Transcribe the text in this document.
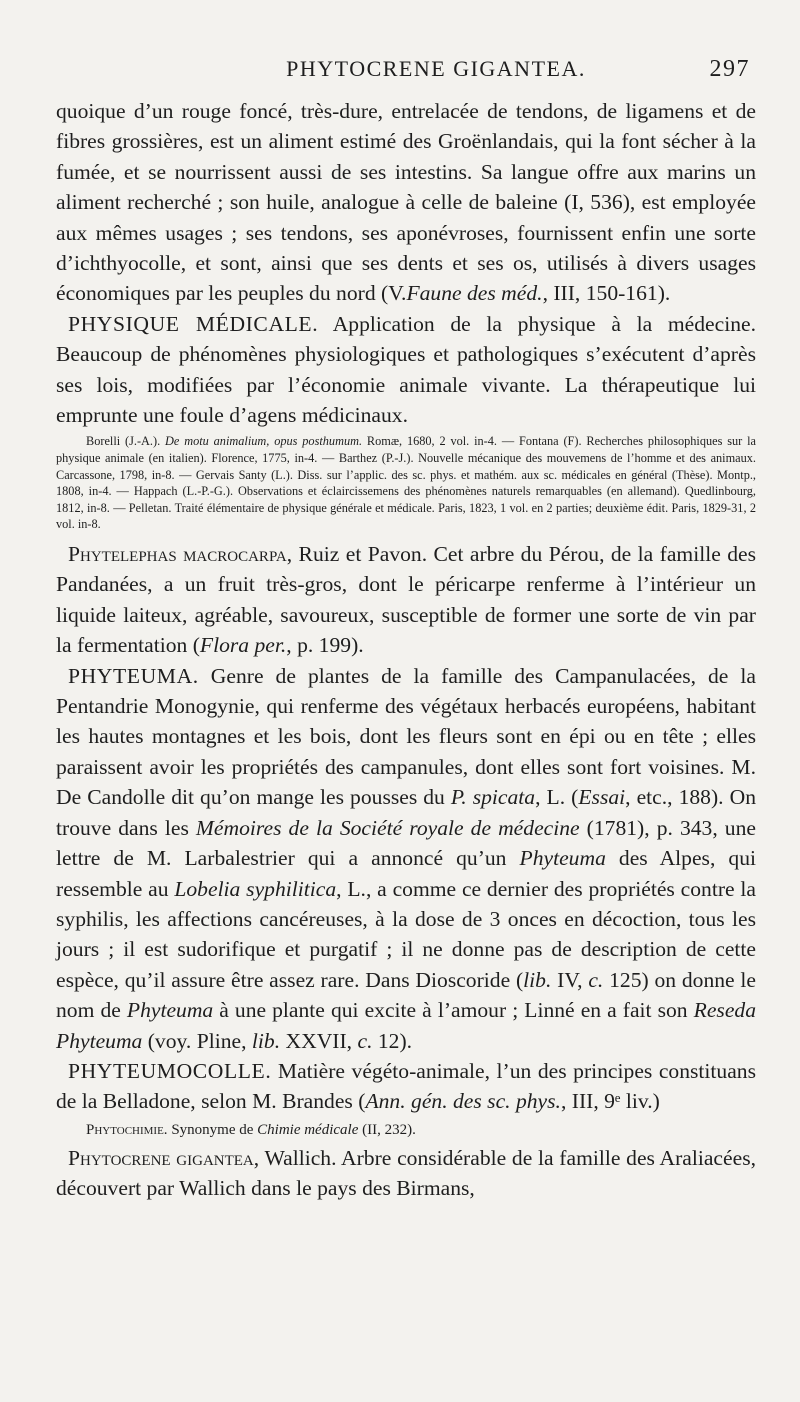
PHYTOCRENE GIGANTEA.	297

quoique d’un rouge foncé, très-dure, entrelacée de tendons, de ligamens et de fibres grossières, est un aliment estimé des Groënlandais, qui la font sécher à la fumée, et se nourrissent aussi de ses intestins. Sa langue offre aux marins un aliment recherché ; son huile, analogue à celle de baleine (I, 536), est employée aux mêmes usages ; ses tendons, ses aponévroses, fournissent enfin une sorte d’ichthyocolle, et sont, ainsi que ses dents et ses os, utilisés à divers usages économiques par les peuples du nord (V.Faune des méd., III, 150-161).

PHYSIQUE MÉDICALE. Application de la physique à la médecine. Beaucoup de phénomènes physiologiques et pathologiques s’exécutent d’après ses lois, modifiées par l’économie animale vivante. La thérapeutique lui emprunte une foule d’agens médicinaux.

Borelli (J.-A.). De motu animalium, opus posthumum. Romæ, 1680, 2 vol. in-4. — Fontana (F). Recherches philosophiques sur la physique animale (en italien). Florence, 1775, in-4. — Barthez (P.-J.). Nouvelle mécanique des mouvemens de l’homme et des animaux. Carcassone, 1798, in-8. — Gervais Santy (L.). Diss. sur l’applic. des sc. phys. et mathém. aux sc. médicales en général (Thèse). Montp., 1808, in-4. — Happach (L.-P.-G.). Observations et éclaircissemens des phénomènes naturels remarquables (en allemand). Quedlinbourg, 1812, in-8. — Pelletan. Traité élémentaire de physique générale et médicale. Paris, 1823, 1 vol. en 2 parties; deuxième édit. Paris, 1829-31, 2 vol. in-8.

Phytelephas macrocarpa, Ruiz et Pavon. Cet arbre du Pérou, de la famille des Pandanées, a un fruit très-gros, dont le péricarpe renferme à l’intérieur un liquide laiteux, agréable, savoureux, susceptible de former une sorte de vin par la fermentation (Flora per., p. 199).

PHYTEUMA. Genre de plantes de la famille des Campanulacées, de la Pentandrie Monogynie, qui renferme des végétaux herbacés européens, habitant les hautes montagnes et les bois, dont les fleurs sont en épi ou en tête ; elles paraissent avoir les propriétés des campanules, dont elles sont fort voisines. M. De Candolle dit qu’on mange les pousses du P. spicata, L. (Essai, etc., 188). On trouve dans les Mémoires de la Société royale de médecine (1781), p. 343, une lettre de M. Larbalestrier qui a annoncé qu’un Phyteuma des Alpes, qui ressemble au Lobelia syphilitica, L., a comme ce dernier des propriétés contre la syphilis, les affections cancéreuses, à la dose de 3 onces en décoction, tous les jours ; il est sudorifique et purgatif ; il ne donne pas de description de cette espèce, qu’il assure être assez rare. Dans Dioscoride (lib. IV, c. 125) on donne le nom de Phyteuma à une plante qui excite à l’amour ; Linné en a fait son Reseda Phyteuma (voy. Pline, lib. XXVII, c. 12).

PHYTEUMOCOLLE. Matière végéto-animale, l’un des principes constituans de la Belladone, selon M. Brandes (Ann. gén. des sc. phys., III, 9ᵉ liv.)

Phytochimie. Synonyme de Chimie médicale (II, 232).

Phytocrene gigantea, Wallich. Arbre considérable de la famille des Araliacées, découvert par Wallich dans le pays des Birmans,
